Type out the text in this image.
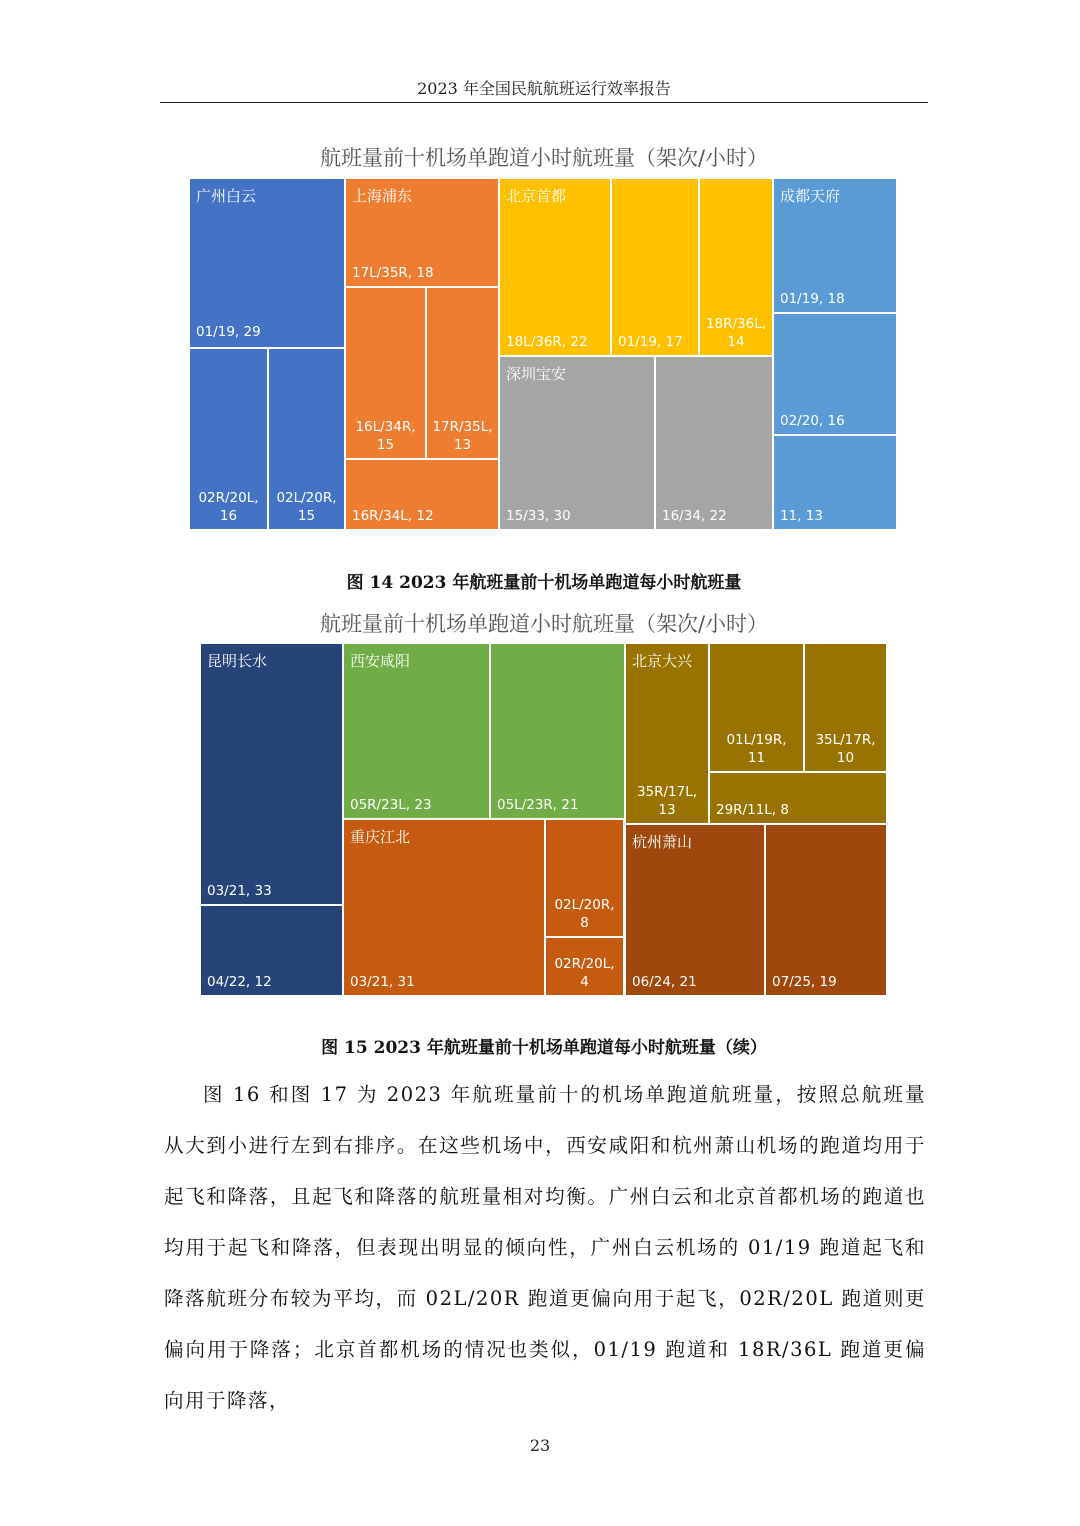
2023 年全国民航航班运行效率报告
航班量前十机场单跑道小时航班量（架次/小时）
广州白云
01/19, 29
02R/20L,
16
02L/20R,
15
上海浦东
17L/35R, 18
16L/34R,
15
17R/35L,
13
16R/34L, 12
北京首都
18L/36R, 22 01/19, 17
18R/36L,
14
深圳宝安
15/33, 30	16/34, 22
成都天府
01/19, 18
02/20, 16
11, 13
图 14 2023 年航班量前十机场单跑道每小时航班量
航班量前十机场单跑道小时航班量（架次/小时）
昆明长水
03/21, 33
04/22, 12
西安咸阳
05R/23L, 23	05L/23R, 21
北京大兴
35R/17L,
13
01L/19R,
11
35L/17R,
10
29R/11L, 8
重庆江北
03/21, 31
02L/20R,
8
02R/20L,
4
杭州萧山
06/24, 21	07/25, 19
图 15 2023 年航班量前十机场单跑道每小时航班量（续）

图 16 和图 17 为 2023 年航班量前十的机场单跑道航班量，按照总航班量从大到小进行左到右排序。在这些机场中，西安咸阳和杭州萧山机场的跑道均用于起飞和降落，且起飞和降落的航班量相对均衡。广州白云和北京首都机场的跑道也均用于起飞和降落，但表现出明显的倾向性，广州白云机场的 01/19 跑道起飞和降落航班分布较为平均，而 02L/20R 跑道更偏向用于起飞，02R/20L 跑道则更偏向用于降落；北京首都机场的情况也类似，01/19 跑道和 18R/36L 跑道更偏向用于降落，

23
